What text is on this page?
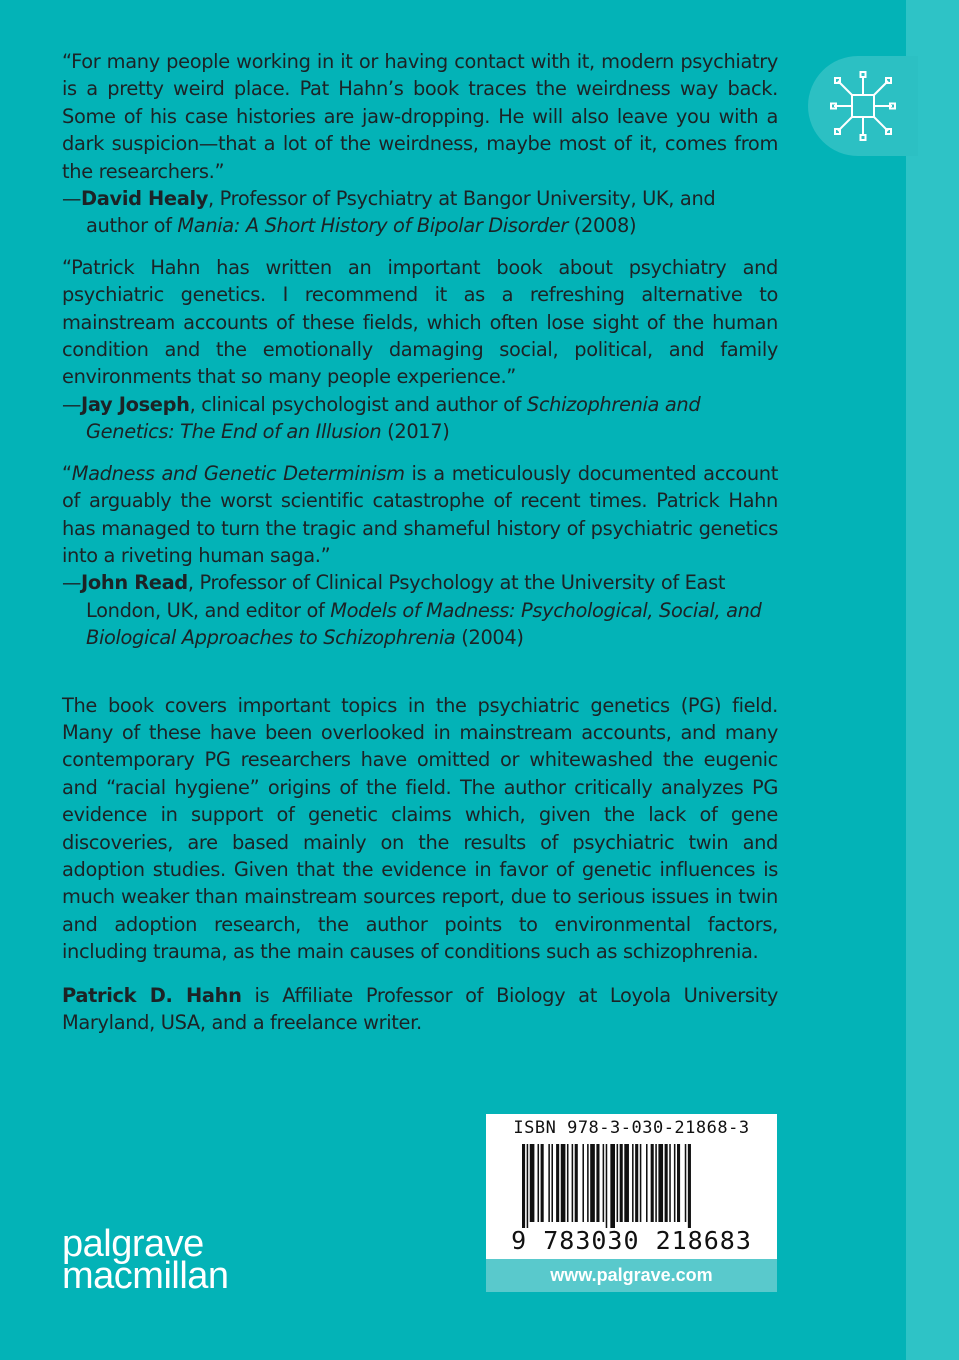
“For many people working in it or having contact with it, modern psychiatry is a pretty weird place. Pat Hahn’s book traces the weirdness way back. Some of his case histories are jaw-dropping. He will also leave you with a dark suspicion—that a lot of the weirdness, maybe most of it, comes from the researchers.”

—David Healy, Professor of Psychiatry at Bangor University, UK, and author of Mania: A Short History of Bipolar Disorder (2008)

“Patrick Hahn has written an important book about psychiatry and psychiatric genetics. I recommend it as a refreshing alternative to mainstream accounts of these fields, which often lose sight of the human condition and the emotionally damaging social, political, and family environments that so many people experience.”

—Jay Joseph, clinical psychologist and author of Schizophrenia and Genetics: The End of an Illusion (2017)

“Madness and Genetic Determinism is a meticulously documented account of arguably the worst scientific catastrophe of recent times. Patrick Hahn has managed to turn the tragic and shameful history of psychiatric genetics into a riveting human saga.”

—John Read, Professor of Clinical Psychology at the University of East London, UK, and editor of Models of Madness: Psychological, Social, and Biological Approaches to Schizophrenia (2004)

The book covers important topics in the psychiatric genetics (PG) field. Many of these have been overlooked in mainstream accounts, and many contemporary PG researchers have omitted or whitewashed the eugenic and “racial hygiene” origins of the field. The author critically analyzes PG evidence in support of genetic claims which, given the lack of gene discoveries, are based mainly on the results of psychiatric twin and adoption studies. Given that the evidence in favor of genetic influences is much weaker than mainstream sources report, due to serious issues in twin and adoption research, the author points to environmental factors, including trauma, as the main causes of conditions such as schizophrenia.

Patrick D. Hahn is Affiliate Professor of Biology at Loyola University Maryland, USA, and a freelance writer.

palgrave
macmillan
ISBN 978-3-030-21868-3
9 783030 218683
www.palgrave.com
